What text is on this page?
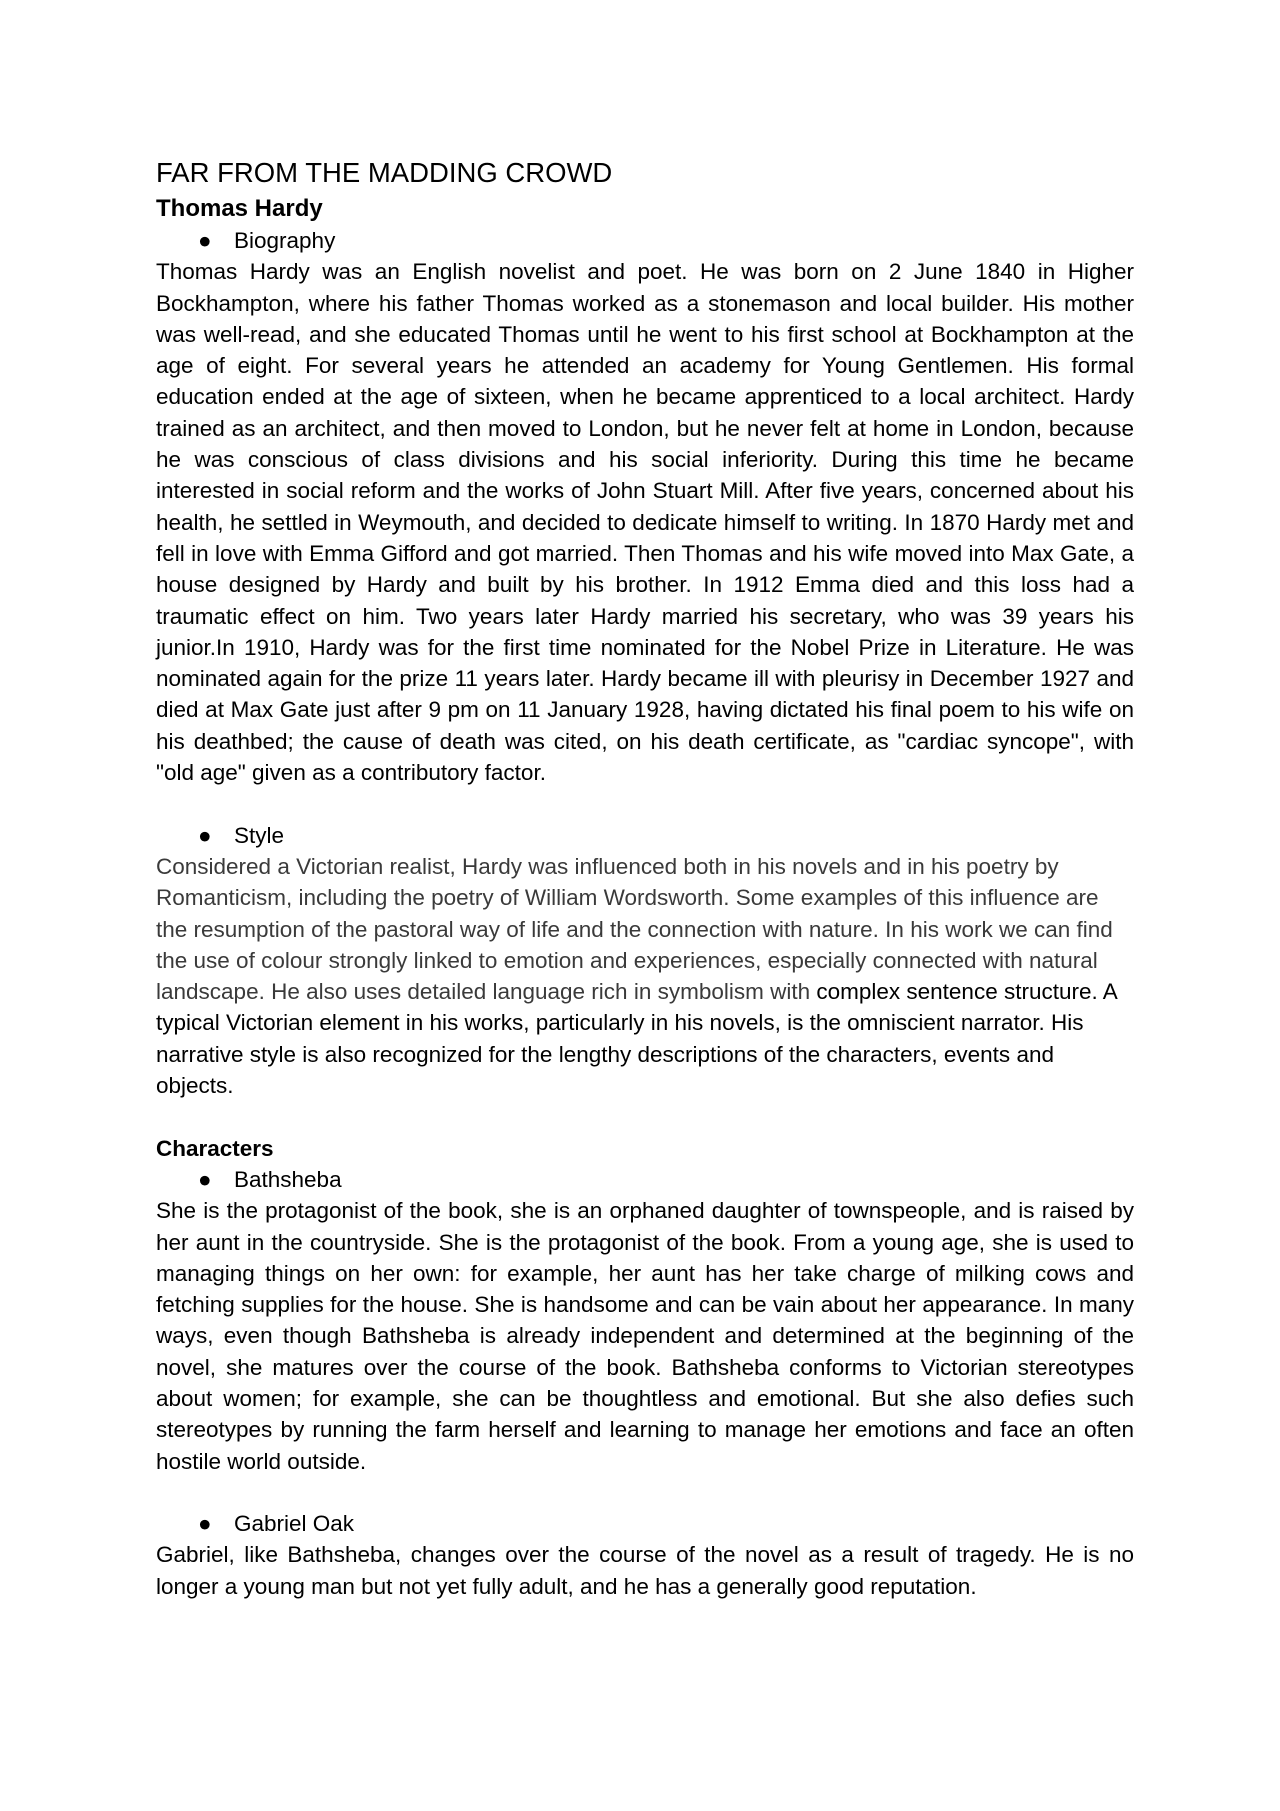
FAR FROM THE MADDING CROWD
Thomas Hardy

● Biography

Thomas Hardy was an English novelist and poet. He was born on 2 June 1840 in Higher Bockhampton, where his father Thomas worked as a stonemason and local builder. His mother was well-read, and she educated Thomas until he went to his first school at Bockhampton at the age of eight. For several years he attended an academy for Young Gentlemen. His formal education ended at the age of sixteen, when he became apprenticed to a local architect. Hardy trained as an architect, and then moved to London, but he never felt at home in London, because he was conscious of class divisions and his social inferiority. During this time he became interested in social reform and the works of John Stuart Mill. After five years, concerned about his health, he settled in Weymouth, and decided to dedicate himself to writing. In 1870 Hardy met and fell in love with Emma Gifford and got married. Then Thomas and his wife moved into Max Gate, a house designed by Hardy and built by his brother. In 1912 Emma died and this loss had a traumatic effect on him. Two years later Hardy married his secretary, who was 39 years his junior.In 1910, Hardy was for the first time nominated for the Nobel Prize in Literature. He was nominated again for the prize 11 years later. Hardy became ill with pleurisy in December 1927 and died at Max Gate just after 9 pm on 11 January 1928, having dictated his final poem to his wife on his deathbed; the cause of death was cited, on his death certificate, as "cardiac syncope", with "old age" given as a contributory factor.

● Style

Considered a Victorian realist, Hardy was influenced both in his novels and in his poetry by Romanticism, including the poetry of William Wordsworth. Some examples of this influence are the resumption of the pastoral way of life and the connection with nature. In his work we can find the use of colour strongly linked to emotion and experiences, especially connected with natural landscape. He also uses detailed language rich in symbolism with complex sentence structure. A typical Victorian element in his works, particularly in his novels, is the omniscient narrator. His narrative style is also recognized for the lengthy descriptions of the characters, events and objects.

Characters

● Bathsheba

She is the protagonist of the book, she is an orphaned daughter of townspeople, and is raised by her aunt in the countryside. She is the protagonist of the book. From a young age, she is used to managing things on her own: for example, her aunt has her take charge of milking cows and fetching supplies for the house. She is handsome and can be vain about her appearance. In many ways, even though Bathsheba is already independent and determined at the beginning of the novel, she matures over the course of the book. Bathsheba conforms to Victorian stereotypes about women; for example, she can be thoughtless and emotional. But she also defies such stereotypes by running the farm herself and learning to manage her emotions and face an often hostile world outside.

● Gabriel Oak

Gabriel, like Bathsheba, changes over the course of the novel as a result of tragedy. He is no longer a young man but not yet fully adult, and he has a generally good reputation.
